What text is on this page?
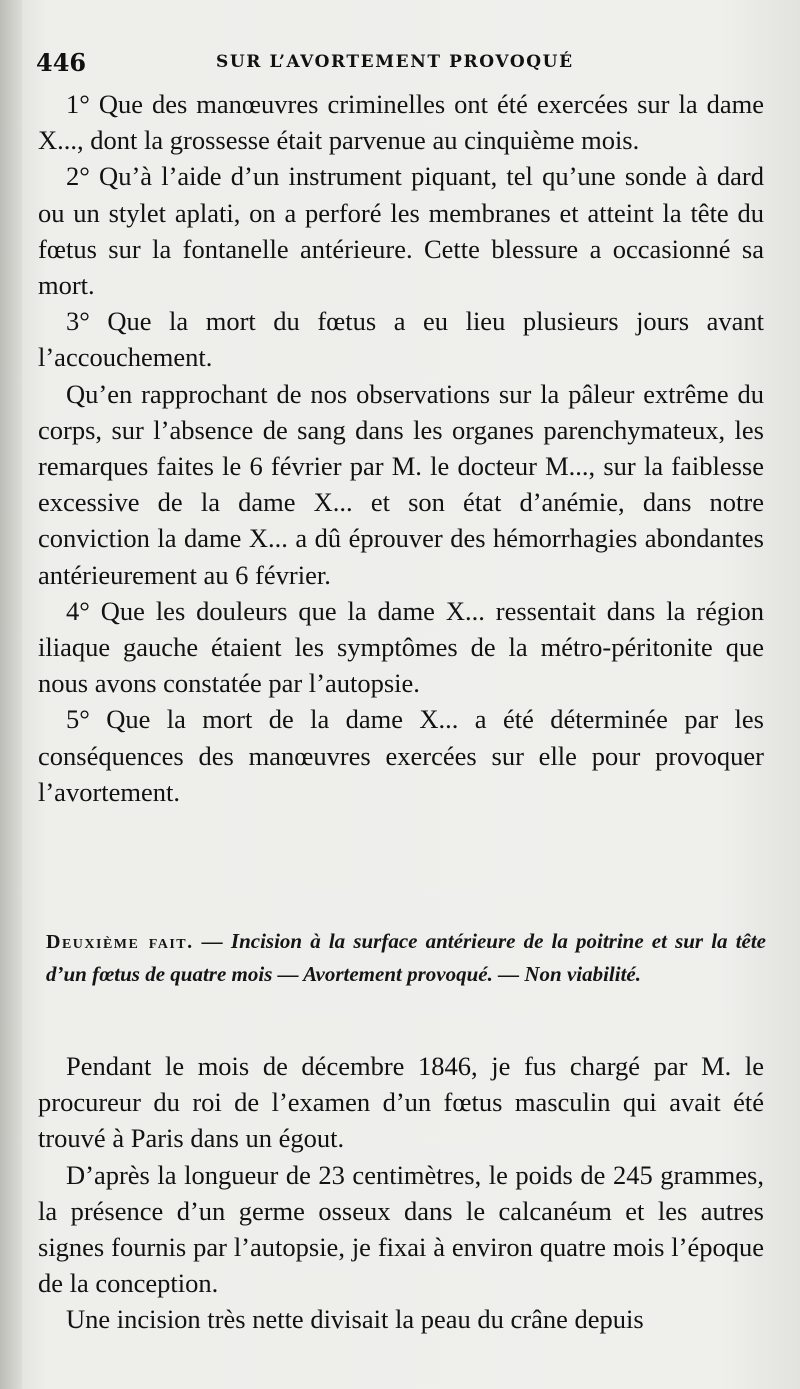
446	SUR L’AVORTEMENT PROVOQUÉ

1° Que des manœuvres criminelles ont été exercées sur la dame X..., dont la grossesse était parvenue au cinquième mois.

2° Qu’à l’aide d’un instrument piquant, tel qu’une sonde à dard ou un stylet aplati, on a perforé les membranes et atteint la tête du fœtus sur la fontanelle antérieure. Cette blessure a occasionné sa mort.

3° Que la mort du fœtus a eu lieu plusieurs jours avant l’accouchement.

Qu’en rapprochant de nos observations sur la pâleur extrême du corps, sur l’absence de sang dans les organes parenchymateux, les remarques faites le 6 février par M. le docteur M..., sur la faiblesse excessive de la dame X... et son état d’anémie, dans notre conviction la dame X... a dû éprouver des hémorrhagies abondantes antérieurement au 6 février.

4° Que les douleurs que la dame X... ressentait dans la région iliaque gauche étaient les symptômes de la métro-péritonite que nous avons constatée par l’autopsie.

5° Que la mort de la dame X... a été déterminée par les conséquences des manœuvres exercées sur elle pour provoquer l’avortement.

Deuxième fait. — Incision à la surface antérieure de la poitrine et sur la tête d’un fœtus de quatre mois — Avortement provoqué. — Non viabilité.

Pendant le mois de décembre 1846, je fus chargé par M. le procureur du roi de l’examen d’un fœtus masculin qui avait été trouvé à Paris dans un égout.

D’après la longueur de 23 centimètres, le poids de 245 grammes, la présence d’un germe osseux dans le calcanéum et les autres signes fournis par l’autopsie, je fixai à environ quatre mois l’époque de la conception.

Une incision très nette divisait la peau du crâne depuis
